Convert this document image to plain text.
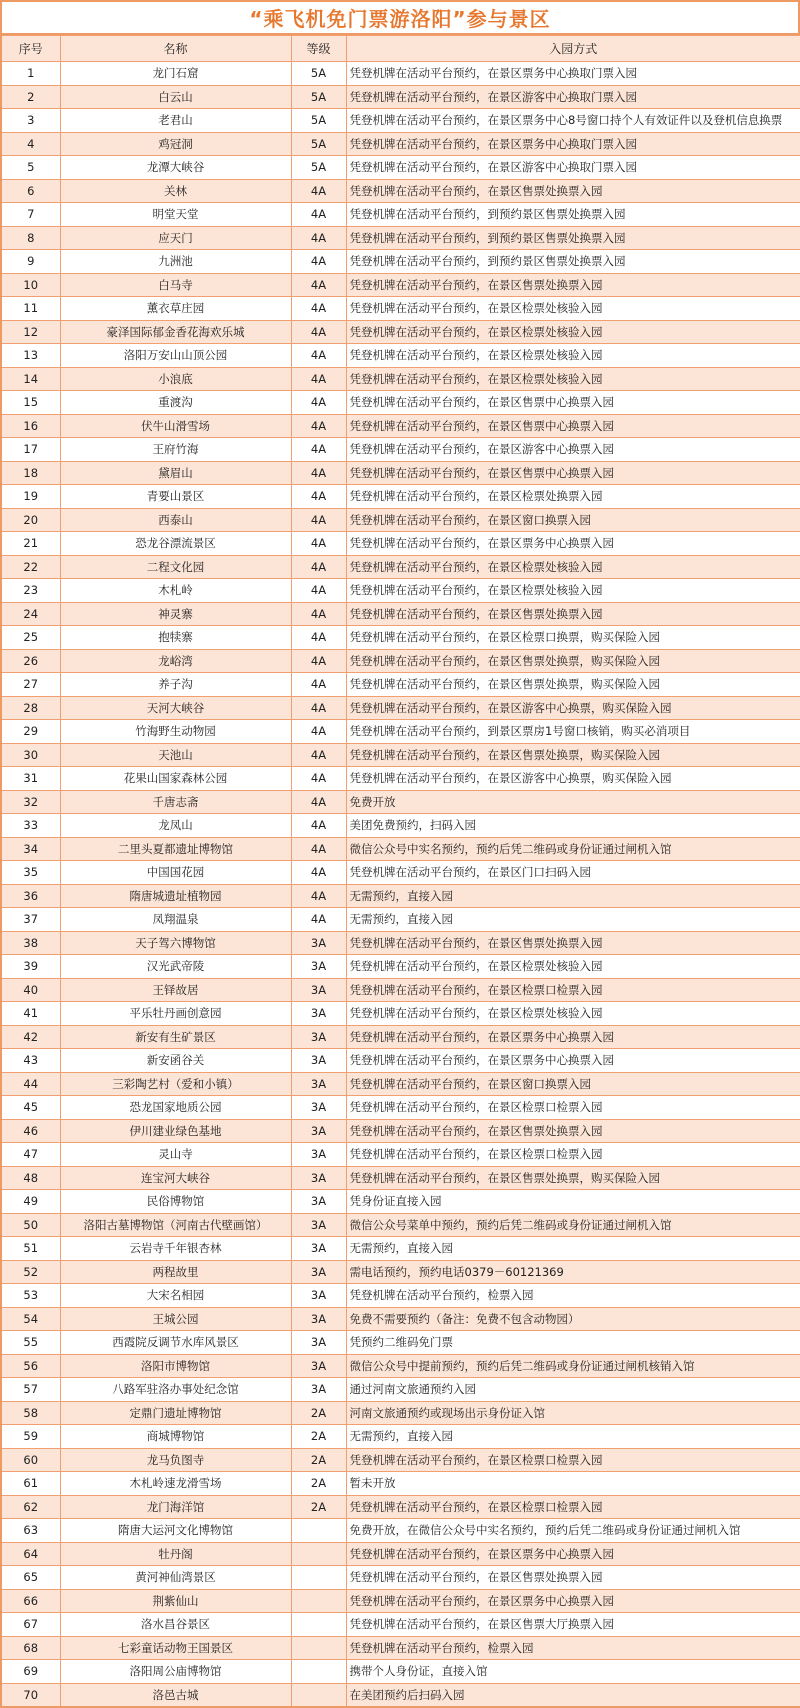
“乘飞机免门票游洛阳”参与景区
序号	名称	等级	入园方式
1	龙门石窟	5A	凭登机牌在活动平台预约，在景区票务中心换取门票入园
2	白云山	5A	凭登机牌在活动平台预约，在景区游客中心换取门票入园
3	老君山	5A	凭登机牌在活动平台预约，在景区票务中心8号窗口持个人有效证件以及登机信息换票
4	鸡冠洞	5A	凭登机牌在活动平台预约，在景区票务中心换取门票入园
5	龙潭大峡谷	5A	凭登机牌在活动平台预约，在景区游客中心换取门票入园
6	关林	4A	凭登机牌在活动平台预约，在景区售票处换票入园
7	明堂天堂	4A	凭登机牌在活动平台预约，到预约景区售票处换票入园
8	应天门	4A	凭登机牌在活动平台预约，到预约景区售票处换票入园
9	九洲池	4A	凭登机牌在活动平台预约，到预约景区售票处换票入园
10	白马寺	4A	凭登机牌在活动平台预约，在景区售票处换票入园
11	薰衣草庄园	4A	凭登机牌在活动平台预约，在景区检票处核验入园
12	豪泽国际郁金香花海欢乐城	4A	凭登机牌在活动平台预约，在景区检票处核验入园
13	洛阳万安山山顶公园	4A	凭登机牌在活动平台预约，在景区检票处核验入园
14	小浪底	4A	凭登机牌在活动平台预约，在景区检票处核验入园
15	重渡沟	4A	凭登机牌在活动平台预约，在景区售票中心换票入园
16	伏牛山滑雪场	4A	凭登机牌在活动平台预约，在景区售票中心换票入园
17	王府竹海	4A	凭登机牌在活动平台预约，在景区游客中心换票入园
18	黛眉山	4A	凭登机牌在活动平台预约，在景区售票中心换票入园
19	青要山景区	4A	凭登机牌在活动平台预约，在景区检票处换票入园
20	西泰山	4A	凭登机牌在活动平台预约，在景区窗口换票入园
21	恐龙谷漂流景区	4A	凭登机牌在活动平台预约，在景区票务中心换票入园
22	二程文化园	4A	凭登机牌在活动平台预约，在景区检票处核验入园
23	木札岭	4A	凭登机牌在活动平台预约，在景区检票处核验入园
24	神灵寨	4A	凭登机牌在活动平台预约，在景区售票处换票入园
25	抱犊寨	4A	凭登机牌在活动平台预约，在景区检票口换票，购买保险入园
26	龙峪湾	4A	凭登机牌在活动平台预约，在景区售票处换票，购买保险入园
27	养子沟	4A	凭登机牌在活动平台预约，在景区售票处换票，购买保险入园
28	天河大峡谷	4A	凭登机牌在活动平台预约，在景区游客中心换票，购买保险入园
29	竹海野生动物园	4A	凭登机牌在活动平台预约，到景区票房1号窗口核销，购买必消项目
30	天池山	4A	凭登机牌在活动平台预约，在景区售票处换票，购买保险入园
31	花果山国家森林公园	4A	凭登机牌在活动平台预约，在景区游客中心换票，购买保险入园
32	千唐志斋	4A	免费开放
33	龙凤山	4A	美团免费预约，扫码入园
34	二里头夏都遗址博物馆	4A	微信公众号中实名预约，预约后凭二维码或身份证通过闸机入馆
35	中国国花园	4A	凭登机牌在活动平台预约，在景区门口扫码入园
36	隋唐城遗址植物园	4A	无需预约，直接入园
37	凤翔温泉	4A	无需预约，直接入园
38	天子驾六博物馆	3A	凭登机牌在活动平台预约，在景区售票处换票入园
39	汉光武帝陵	3A	凭登机牌在活动平台预约，在景区检票处核验入园
40	王铎故居	3A	凭登机牌在活动平台预约，在景区检票口检票入园
41	平乐牡丹画创意园	3A	凭登机牌在活动平台预约，在景区检票处核验入园
42	新安有生矿景区	3A	凭登机牌在活动平台预约，在景区票务中心换票入园
43	新安函谷关	3A	凭登机牌在活动平台预约，在景区票务中心换票入园
44	三彩陶艺村（爱和小镇）	3A	凭登机牌在活动平台预约，在景区窗口换票入园
45	恐龙国家地质公园	3A	凭登机牌在活动平台预约，在景区检票口检票入园
46	伊川建业绿色基地	3A	凭登机牌在活动平台预约，在景区售票处换票入园
47	灵山寺	3A	凭登机牌在活动平台预约，在景区检票口检票入园
48	连宝河大峡谷	3A	凭登机牌在活动平台预约，在景区售票处换票，购买保险入园
49	民俗博物馆	3A	凭身份证直接入园
50	洛阳古墓博物馆（河南古代壁画馆）	3A	微信公众号菜单中预约，预约后凭二维码或身份证通过闸机入馆
51	云岩寺千年银杏林	3A	无需预约，直接入园
52	两程故里	3A	需电话预约，预约电话0379－60121369
53	大宋名相园	3A	凭登机牌在活动平台预约，检票入园
54	王城公园	3A	免费不需要预约（备注：免费不包含动物园）
55	西霞院反调节水库风景区	3A	凭预约二维码免门票
56	洛阳市博物馆	3A	微信公众号中提前预约，预约后凭二维码或身份证通过闸机核销入馆
57	八路军驻洛办事处纪念馆	3A	通过河南文旅通预约入园
58	定鼎门遗址博物馆	2A	河南文旅通预约或现场出示身份证入馆
59	商城博物馆	2A	无需预约，直接入园
60	龙马负图寺	2A	凭登机牌在活动平台预约，在景区检票口检票入园
61	木札岭速龙滑雪场	2A	暂未开放
62	龙门海洋馆	2A	凭登机牌在活动平台预约，在景区检票口检票入园
63	隋唐大运河文化博物馆		免费开放，在微信公众号中实名预约，预约后凭二维码或身份证通过闸机入馆
64	牡丹阁		凭登机牌在活动平台预约，在景区票务中心换票入园
65	黄河神仙湾景区		凭登机牌在活动平台预约，在景区售票处换票入园
66	荆紫仙山		凭登机牌在活动平台预约，在景区票务中心换票入园
67	洛水昌谷景区		凭登机牌在活动平台预约，在景区售票大厅换票入园
68	七彩童话动物王国景区		凭登机牌在活动平台预约，检票入园
69	洛阳周公庙博物馆		携带个人身份证，直接入馆
70	洛邑古城		在美团预约后扫码入园
